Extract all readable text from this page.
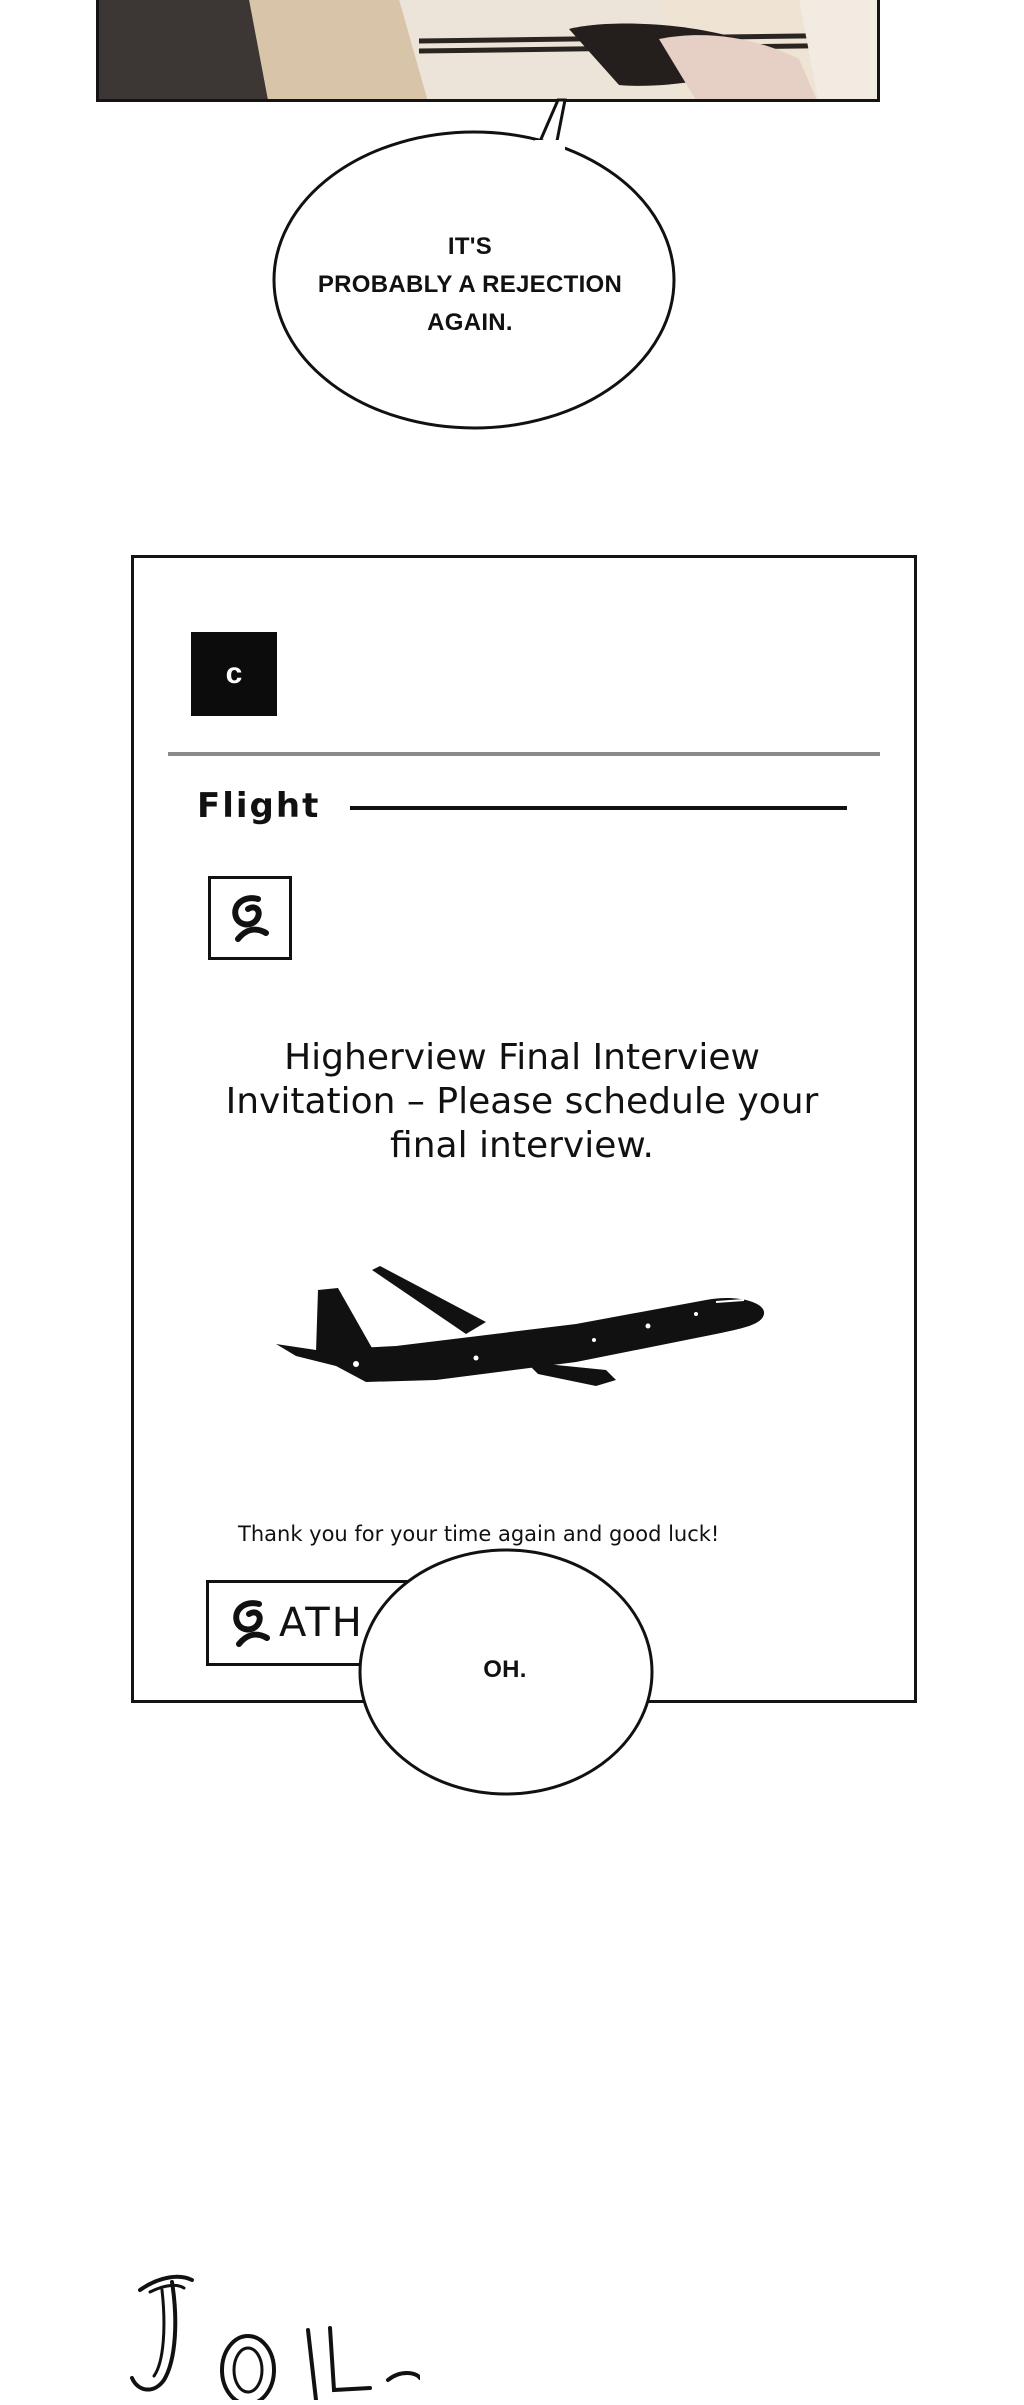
IT'S
PROBABLY A REJECTION
AGAIN.
c
Flight
Higherview Final Interview Invitation – Please schedule your final interview.
Thank you for your time again and good luck!
ATH
OH.
